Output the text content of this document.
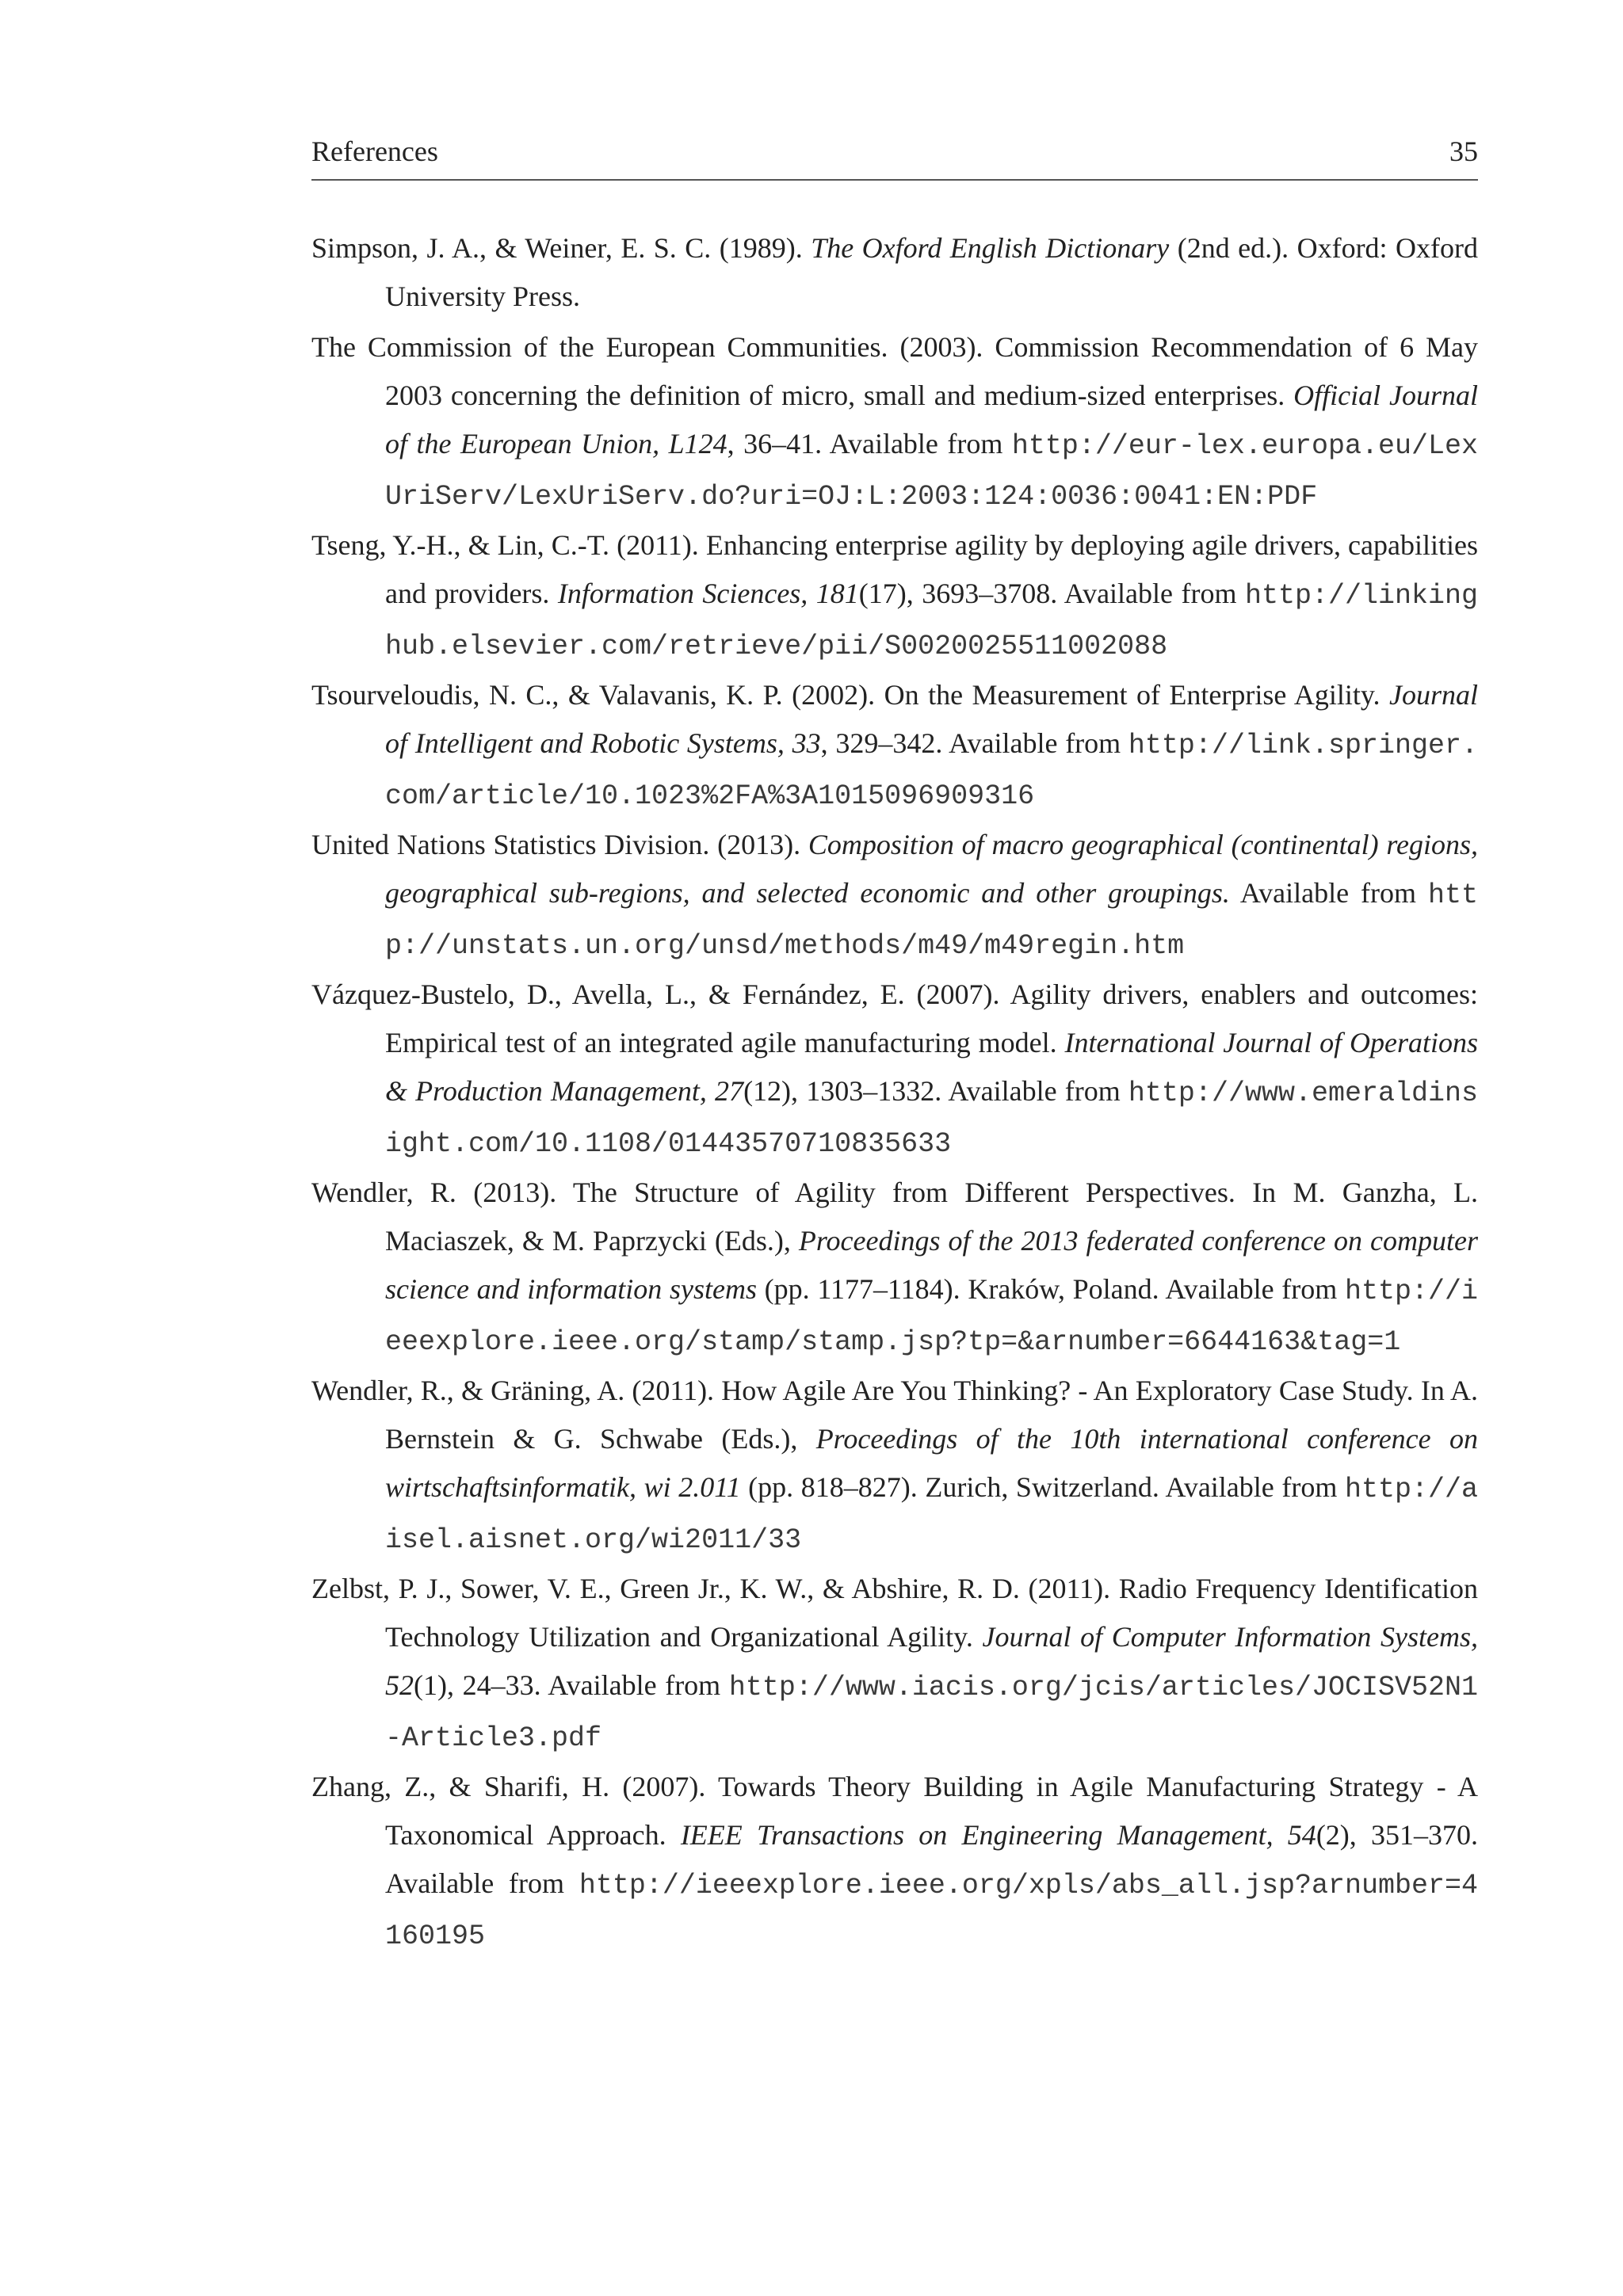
References	35

Simpson, J. A., & Weiner, E. S. C. (1989). The Oxford English Dictionary (2nd ed.). Oxford: Oxford University Press.

The Commission of the European Communities. (2003). Commission Recommendation of 6 May 2003 concerning the definition of micro, small and medium-sized enterprises. Official Journal of the European Union, L124, 36–41. Available from http://eur-lex.europa.eu/LexUriServ/LexUriServ.do?uri=OJ:L:2003:124:0036:0041:EN:PDF

Tseng, Y.-H., & Lin, C.-T. (2011). Enhancing enterprise agility by deploying agile drivers, capabilities and providers. Information Sciences, 181(17), 3693–3708. Available from http://linkinghub.elsevier.com/retrieve/pii/S0020025511002088

Tsourveloudis, N. C., & Valavanis, K. P. (2002). On the Measurement of Enterprise Agility. Journal of Intelligent and Robotic Systems, 33, 329–342. Available from http://link.springer.com/article/10.1023%2FA%3A1015096909316

United Nations Statistics Division. (2013). Composition of macro geographical (continental) regions, geographical sub-regions, and selected economic and other groupings. Available from http://unstats.un.org/unsd/methods/m49/m49regin.htm

Vázquez-Bustelo, D., Avella, L., & Fernández, E. (2007). Agility drivers, enablers and outcomes: Empirical test of an integrated agile manufacturing model. International Journal of Operations & Production Management, 27(12), 1303–1332. Available from http://www.emeraldinsight.com/10.1108/01443570710835633

Wendler, R. (2013). The Structure of Agility from Different Perspectives. In M. Ganzha, L. Maciaszek, & M. Paprzycki (Eds.), Proceedings of the 2013 federated conference on computer science and information systems (pp. 1177–1184). Kraków, Poland. Available from http://ieeexplore.ieee.org/stamp/stamp.jsp?tp=&arnumber=6644163&tag=1

Wendler, R., & Gräning, A. (2011). How Agile Are You Thinking? - An Exploratory Case Study. In A. Bernstein & G. Schwabe (Eds.), Proceedings of the 10th international conference on wirtschaftsinformatik, wi 2.011 (pp. 818–827). Zurich, Switzerland. Available from http://aisel.aisnet.org/wi2011/33

Zelbst, P. J., Sower, V. E., Green Jr., K. W., & Abshire, R. D. (2011). Radio Frequency Identification Technology Utilization and Organizational Agility. Journal of Computer Information Systems, 52(1), 24–33. Available from http://www.iacis.org/jcis/articles/JOCISV52N1-Article3.pdf

Zhang, Z., & Sharifi, H. (2007). Towards Theory Building in Agile Manufacturing Strategy - A Taxonomical Approach. IEEE Transactions on Engineering Management, 54(2), 351–370. Available from http://ieeexplore.ieee.org/xpls/abs_all.jsp?arnumber=4160195
